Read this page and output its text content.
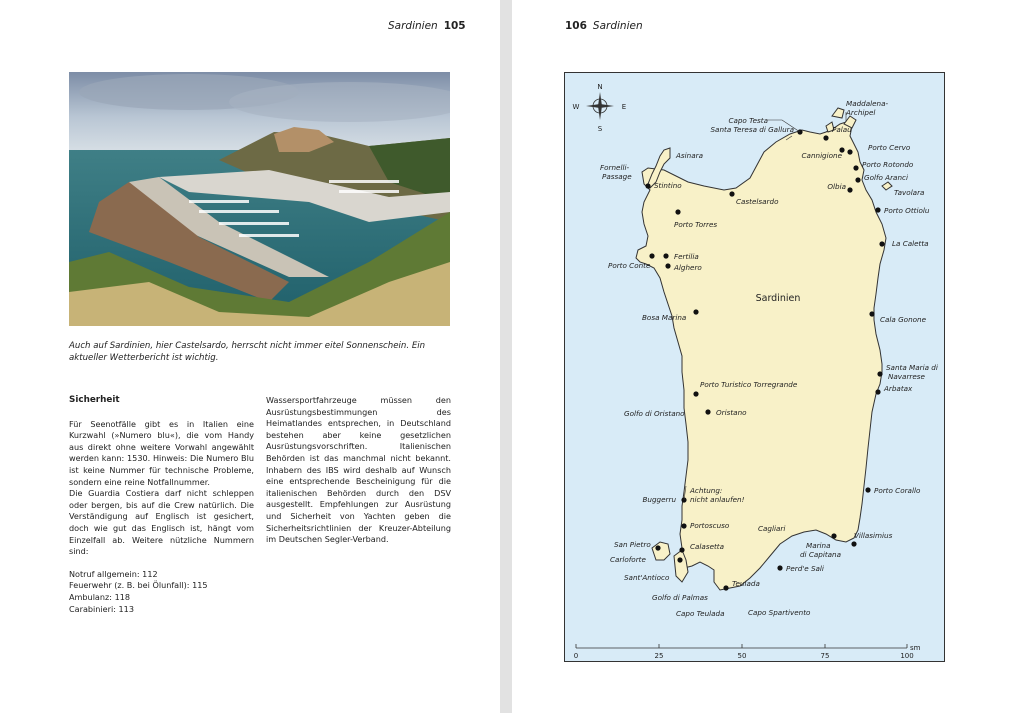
Sardinien 105

Auch auf Sardinien, hier Castelsardo, herrscht nicht immer eitel Sonnenschein. Ein aktueller Wetterbericht ist wichtig.

Sicherheit

Für Seenotfälle gibt es in Italien eine Kurzwahl (»Numero blu«), die vom Handy aus direkt ohne weitere Vorwahl angewählt werden kann: 1530. Hinweis: Die Numero Blu ist keine Nummer für technische Probleme, sondern eine reine Notfallnummer.

Die Guardia Costiera darf nicht schleppen oder bergen, bis auf die Crew natürlich. Die Verständigung auf Englisch ist gesichert, doch wie gut das Englisch ist, hängt vom Einzelfall ab. Weitere nützliche Nummern sind:

Notruf allgemein: 112

Feuerwehr (z. B. bei Ölunfall): 115

Ambulanz: 118

Carabinieri: 113

Wassersportfahrzeuge müssen den Ausrüstungsbestimmungen des Heimatlandes entsprechen, in Deutschland bestehen aber keine gesetzlichen Ausrüstungsvorschriften. Italienischen Behörden ist das manchmal nicht bekannt. Inhabern des IBS wird deshalb auf Wunsch eine entsprechende Bescheinigung für die italienischen Behörden durch den DSV ausgestellt. Empfehlungen zur Ausrüstung und Sicherheit von Yachten geben die Sicherheitsrichtlinien der Kreuzer-Abteilung im Deutschen Segler-Verband.

106 Sardinien
N
S
W	E
Sardinien
Maddalena-
Archipel
Capo Testa
Santa Teresa di Gallura	Palau
Porto Cervo
Cannigione
Porto Rotondo
Golfo Aranci
Olbia
Tavolara
Porto Ottiolu
La Caletta
Cala Gonone
Santa Maria di
Navarrese
Arbatax
Porto Corallo
Villasimius
Marina
di Capitana
Cagliari
Perd'e Sali
Teulada
Capo Spartivento
Capo Teulada
Golfo di Palmas
Sant'Antioco
Carloforte
San Pietro	Calasetta
Portoscuso
Buggerru
Achtung:
nicht anlaufen!
Golfo di Oristano	Oristano
Porto Turistico Torregrande
Bosa Marina
Porto Conte
Fertilia
Alghero
Porto Torres
Castelsardo
Stintino
Fornelli-
Passage
Asinara
0	25	50	75	100
sm
